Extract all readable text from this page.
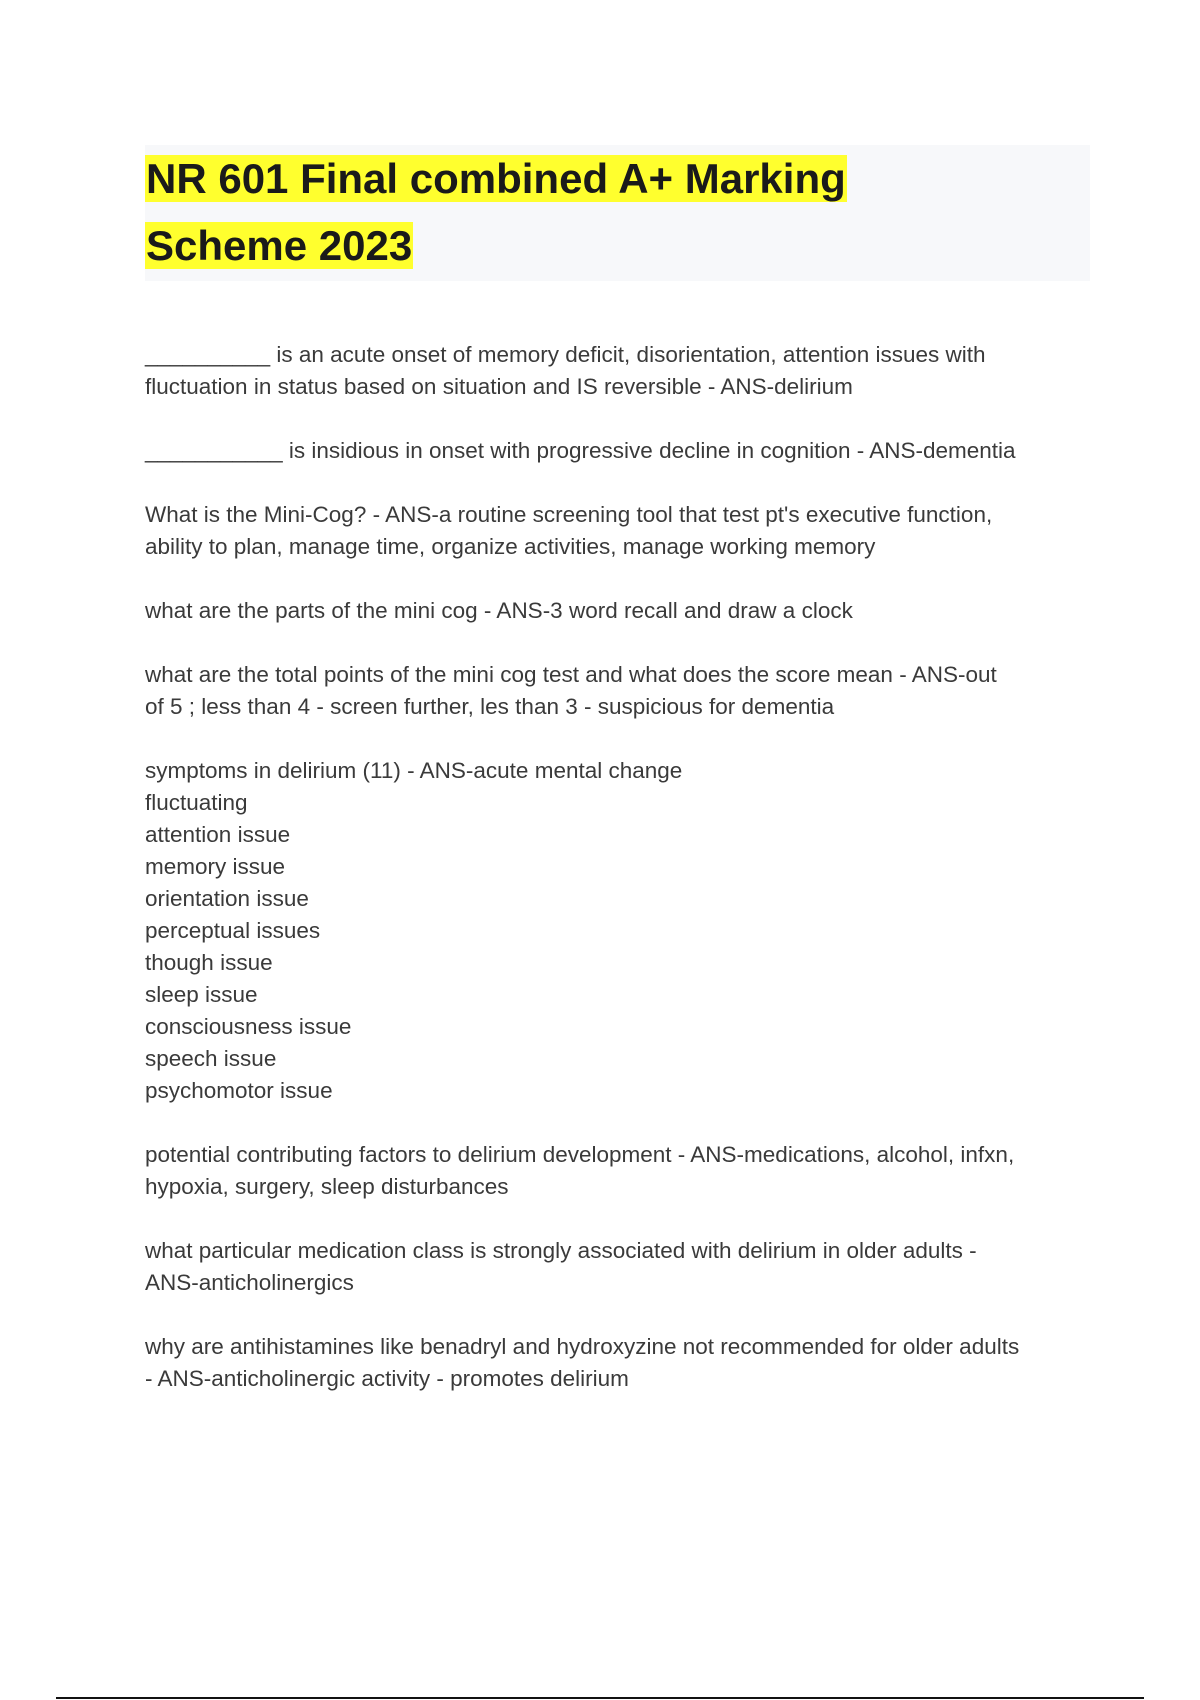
NR 601 Final combined A+ Marking
Scheme 2023
__________ is an acute onset of memory deficit, disorientation, attention issues with
fluctuation in status based on situation and IS reversible - ANS-delirium
___________ is insidious in onset with progressive decline in cognition - ANS-dementia
What is the Mini-Cog? - ANS-a routine screening tool that test pt's executive function,
ability to plan, manage time, organize activities, manage working memory
what are the parts of the mini cog - ANS-3 word recall and draw a clock
what are the total points of the mini cog test and what does the score mean - ANS-out
of 5 ; less than 4 - screen further, les than 3 - suspicious for dementia
symptoms in delirium (11) - ANS-acute mental change
fluctuating
attention issue
memory issue
orientation issue
perceptual issues
though issue
sleep issue
consciousness issue
speech issue
psychomotor issue
potential contributing factors to delirium development - ANS-medications, alcohol, infxn,
hypoxia, surgery, sleep disturbances
what particular medication class is strongly associated with delirium in older adults -
ANS-anticholinergics
why are antihistamines like benadryl and hydroxyzine not recommended for older adults
- ANS-anticholinergic activity - promotes delirium
